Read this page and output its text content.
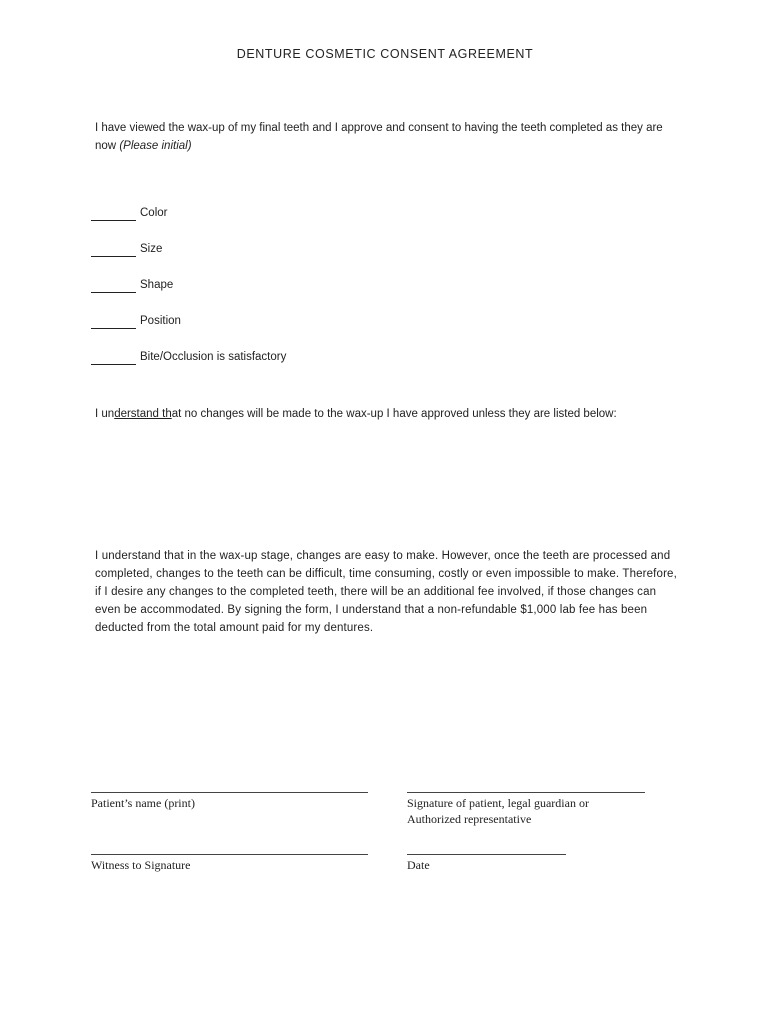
DENTURE COSMETIC CONSENT AGREEMENT
I have viewed the wax-up of my final teeth and I approve and consent to having the teeth completed as they are now (Please initial)
Color
Size
Shape
Position
Bite/Occlusion is satisfactory
I understand that no changes will be made to the wax-up I have approved unless they are listed below:
I understand that in the wax-up stage, changes are easy to make. However, once the teeth are processed and completed, changes to the teeth can be difficult, time consuming, costly or even impossible to make. Therefore, if I desire any changes to the completed teeth, there will be an additional fee involved, if those changes can even be accommodated. By signing the form, I understand that a non-refundable $1,000 lab fee has been deducted from the total amount paid for my dentures.
Patient’s name (print)	Signature of patient, legal guardian or
Authorized representative
Witness to Signature	Date
